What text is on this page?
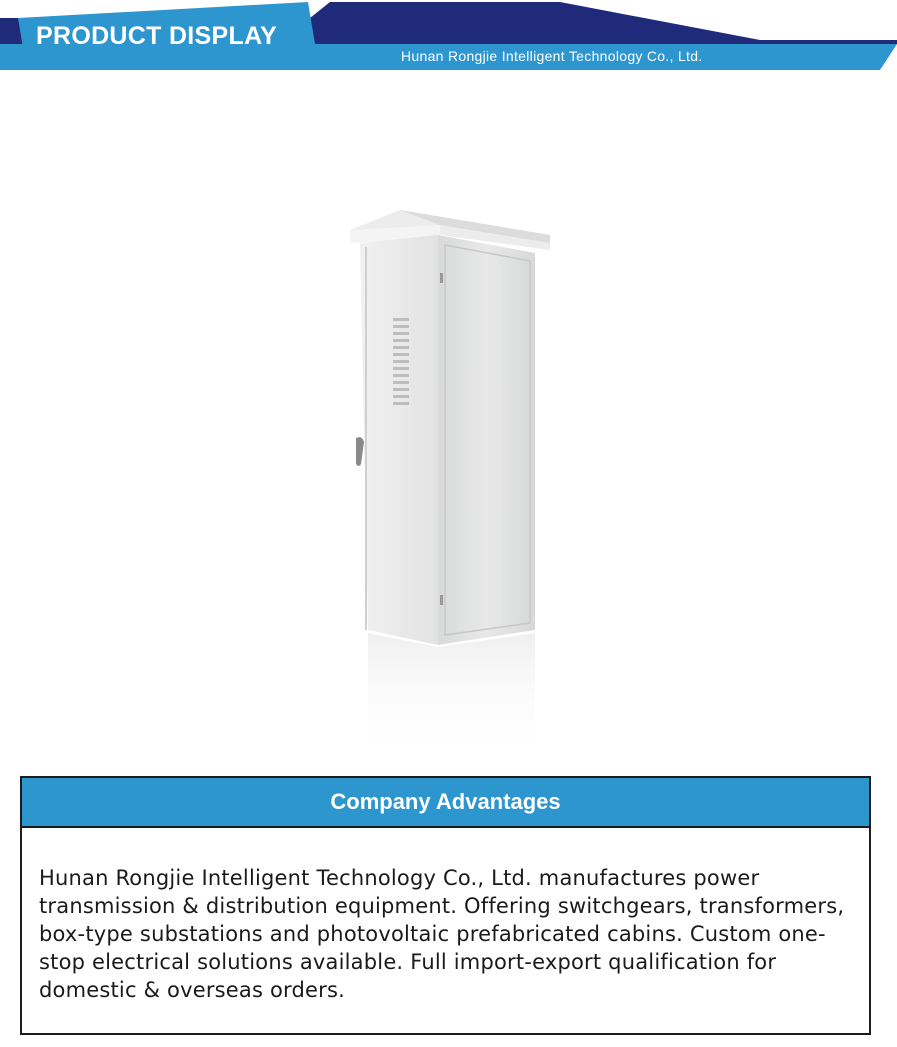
PRODUCT DISPLAY
Hunan Rongjie Intelligent Technology Co., Ltd.
Company Advantages
Hunan Rongjie Intelligent Technology Co., Ltd. manufactures power transmission & distribution equipment. Offering switchgears, transformers, box-type substations and photovoltaic prefabricated cabins. Custom one-stop electrical solutions available. Full import-export qualification for domestic & overseas orders.
